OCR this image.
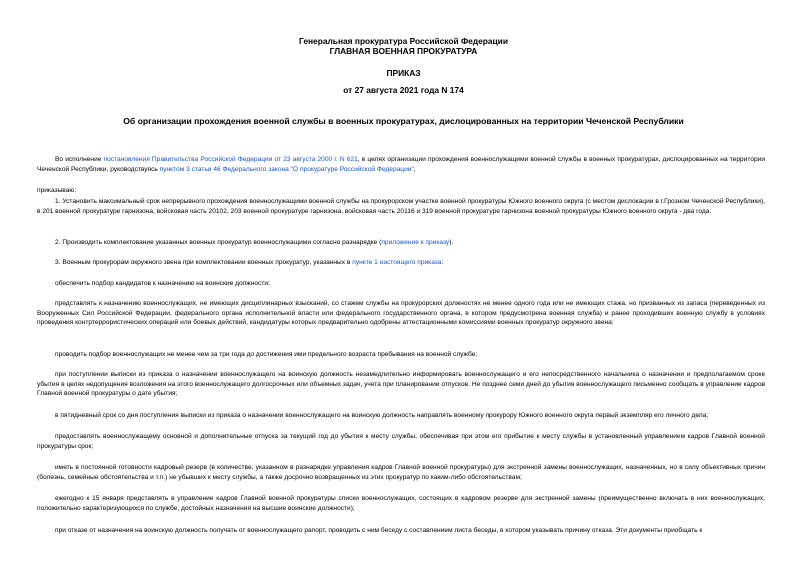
Генеральная прокуратура Российской Федерации
ГЛАВНАЯ ВОЕННАЯ ПРОКУРАТУРА
ПРИКАЗ
от 27 августа 2021 года N 174
Об организации прохождения военной службы в военных прокуратурах, дислоцированных на территории Чеченской Республики

Во исполнение постановления Правительства Российской Федерации от 23 августа 2000 г. N 621, в целях организации прохождения военнослужащими военной службы в военных прокуратурах, дислоцированных на территории Чеченской Республики, руководствуясь пунктом 3 статьи 46 Федерального закона "О прокуратуре Российской Федерации",

приказываю:

1. Установить максимальный срок непрерывного прохождения военнослужащими военной службы на прокурорском участке военной прокуратуры Южного военного округа (с местом дислокации в г.Грозном Чеченской Республики), в 201 военной прокуратуре гарнизона, войсковая часть 20102, 203 военной прокуратуре гарнизона, войсковая часть 20116 и 319 военной прокуратуре гарнизона военной прокуратуры Южного военного округа - два года.

2. Производить комплектование указанных военных прокуратур военнослужащими согласно разнарядке (приложение к приказу).

3. Военным прокурорам окружного звена при комплектовании военных прокуратур, указанных в пункте 1 настоящего приказа:

обеспечить подбор кандидатов к назначению на воинские должности;

представлять к назначению военнослужащих, не имеющих дисциплинарных взысканий, со стажем службы на прокурорских должностях не менее одного года или не имеющих стажа, но призванных из запаса (переведенных из Вооруженных Сил Российской Федерации, федерального органа исполнительной власти или федерального государственного органа, в котором предусмотрена военная служба) и ранее проходивших военную службу в условиях проведения контртеррористических операций или боевых действий, кандидатуры которых предварительно одобрены аттестационными комиссиями военных прокуратур окружного звена;

проводить подбор военнослужащих не менее чем за три года до достижения ими предельного возраста пребывания на военной службе;

при поступлении выписки из приказа о назначении военнослужащего на воинскую должность незамедлительно информировать военнослужащего и его непосредственного начальника о назначении и предполагаемом сроке убытия в целях недопущения возложения на этого военнослужащего долгосрочных или объемных задач, учета при планировании отпусков. Не позднее семи дней до убытия военнослужащего письменно сообщать в управление кадров Главной военной прокуратуры о дате убытия;

в пятидневный срок со дня поступления выписки из приказа о назначении военнослужащего на воинскую должность направлять военному прокурору Южного военного округа первый экземпляр его личного дела;

предоставлять военнослужащему основной и дополнительные отпуска за текущий год до убытия к месту службы, обеспечивая при этом его прибытие к месту службы в установленный управлением кадров Главной военной прокуратуры срок;

иметь в постоянной готовности кадровый резерв (в количестве, указанном в разнарядке управления кадров Главной военной прокуратуры) для экстренной замены военнослужащих, назначенных, но в силу объективных причин (болезнь, семейные обстоятельства и т.п.) не убывших к месту службы, а также досрочно возвращенных из этих прокуратур по каким-либо обстоятельствам;

ежегодно к 15 января представлять в управление кадров Главной военной прокуратуры списки военнослужащих, состоящих в кадровом резерве для экстренной замены (преимущественно включать в них военнослужащих, положительно характеризующихся по службе, достойных назначения на высшие воинские должности);

при отказе от назначения на воинскую должность получать от военнослужащего рапорт, проводить с ним беседу с составлением листа беседы, в котором указывать причину отказа. Эти документы приобщать к
